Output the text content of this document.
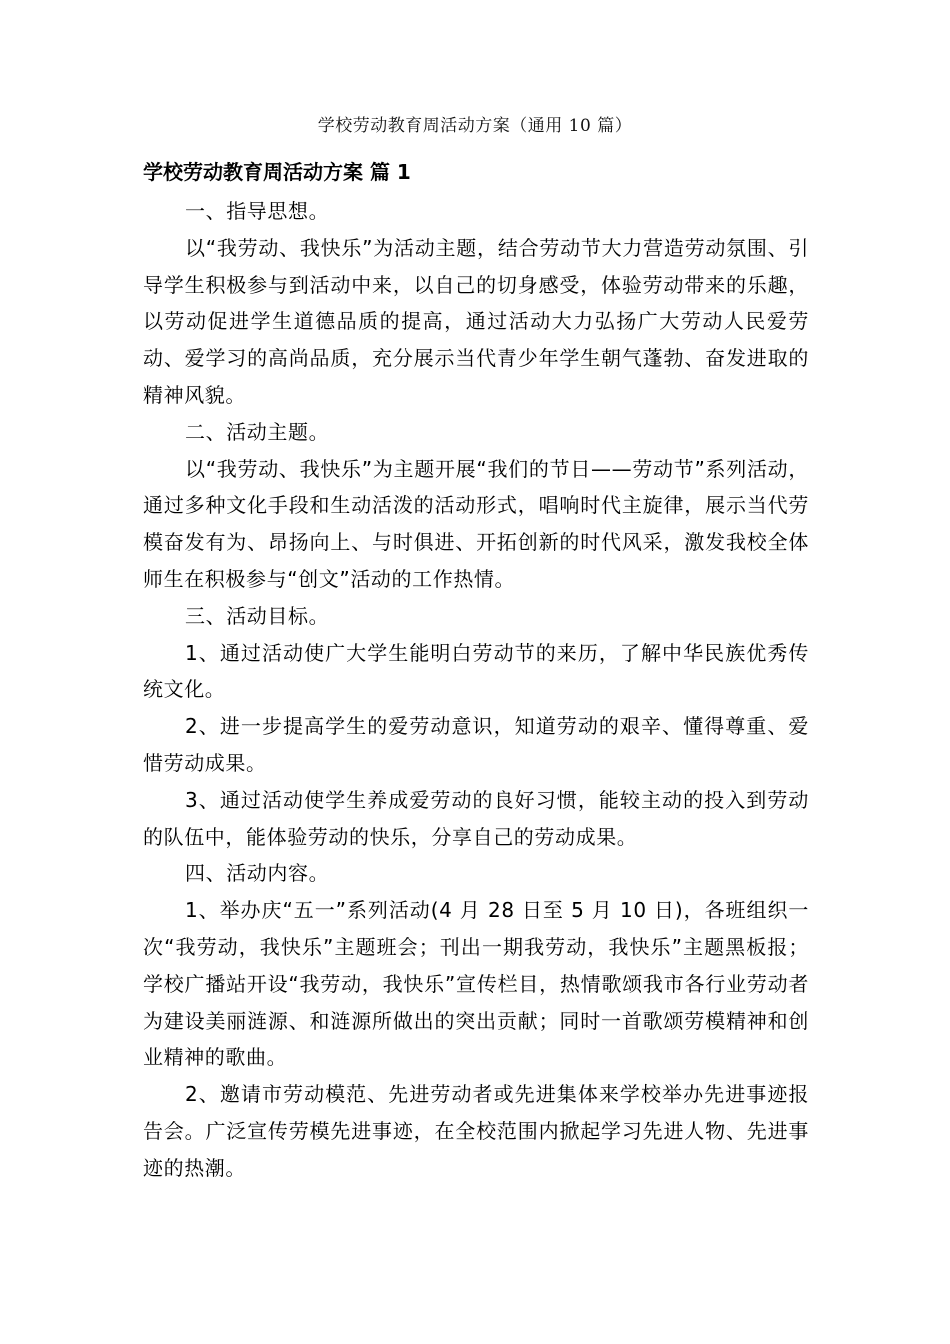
学校劳动教育周活动方案（通用 10 篇）
学校劳动教育周活动方案 篇 1

一、指导思想。

以“我劳动、我快乐”为活动主题，结合劳动节大力营造劳动氛围、引导学生积极参与到活动中来，以自己的切身感受，体验劳动带来的乐趣，以劳动促进学生道德品质的提高，通过活动大力弘扬广大劳动人民爱劳动、爱学习的高尚品质，充分展示当代青少年学生朝气蓬勃、奋发进取的精神风貌。

二、活动主题。

以“我劳动、我快乐”为主题开展“我们的节日——劳动节”系列活动，通过多种文化手段和生动活泼的活动形式，唱响时代主旋律，展示当代劳模奋发有为、昂扬向上、与时俱进、开拓创新的时代风采，激发我校全体师生在积极参与“创文”活动的工作热情。

三、活动目标。

1、通过活动使广大学生能明白劳动节的来历，了解中华民族优秀传统文化。

2、进一步提高学生的爱劳动意识，知道劳动的艰辛、懂得尊重、爱惜劳动成果。

3、通过活动使学生养成爱劳动的良好习惯，能较主动的投入到劳动的队伍中，能体验劳动的快乐，分享自己的劳动成果。

四、活动内容。

1、举办庆“五一”系列活动(4 月 28 日至 5 月 10 日)，各班组织一次“我劳动，我快乐”主题班会；刊出一期我劳动，我快乐”主题黑板报；学校广播站开设“我劳动，我快乐”宣传栏目，热情歌颂我市各行业劳动者为建设美丽涟源、和涟源所做出的突出贡献；同时一首歌颂劳模精神和创业精神的歌曲。

2、邀请市劳动模范、先进劳动者或先进集体来学校举办先进事迹报告会。广泛宣传劳模先进事迹，在全校范围内掀起学习先进人物、先进事迹的热潮。
